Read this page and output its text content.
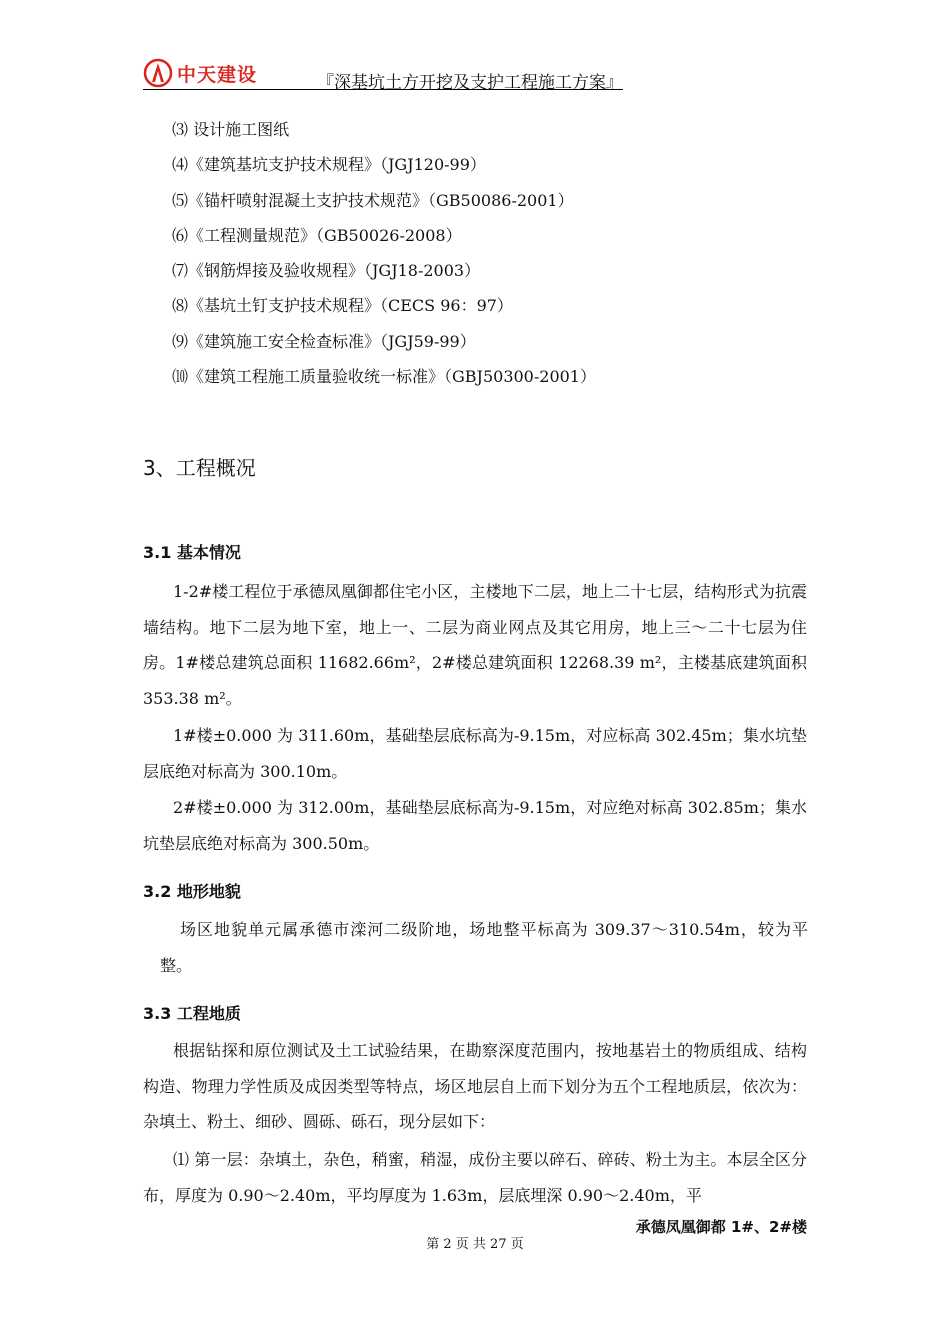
中天建设	『深基坑土方开挖及支护工程施工方案』
⑶ 设计施工图纸
⑷《建筑基坑支护技术规程》（JGJ120-99）
⑸《锚杆喷射混凝土支护技术规范》（GB50086-2001）
⑹《工程测量规范》（GB50026-2008）
⑺《钢筋焊接及验收规程》（JGJ18-2003）
⑻《基坑土钉支护技术规程》（CECS 96：97）
⑼《建筑施工安全检查标准》（JGJ59-99）
⑽《建筑工程施工质量验收统一标准》（GBJ50300-2001）
3、工程概况
3.1 基本情况

1-2#楼工程位于承德凤凰御都住宅小区，主楼地下二层，地上二十七层，结构形式为抗震墙结构。地下二层为地下室，地上一、二层为商业网点及其它用房，地上三～二十七层为住房。1#楼总建筑总面积 11682.66m²，2#楼总建筑面积 12268.39 m²，主楼基底建筑面积 353.38 m²。

1#楼±0.000 为 311.60m，基础垫层底标高为-9.15m，对应标高 302.45m；集水坑垫层底绝对标高为 300.10m。

2#楼±0.000 为 312.00m，基础垫层底标高为-9.15m，对应绝对标高 302.85m；集水坑垫层底绝对标高为 300.50m。

3.2 地形地貌

场区地貌单元属承德市滦河二级阶地，场地整平标高为 309.37～310.54m，较为平整。

3.3 工程地质

根据钻探和原位测试及土工试验结果，在勘察深度范围内，按地基岩土的物质组成、结构构造、物理力学性质及成因类型等特点，场区地层自上而下划分为五个工程地质层，依次为：杂填土、粉土、细砂、圆砾、砾石，现分层如下：

⑴ 第一层：杂填土，杂色，稍蜜，稍湿，成份主要以碎石、碎砖、粉土为主。本层全区分布，厚度为 0.90～2.40m，平均厚度为 1.63m，层底埋深 0.90～2.40m，平

承德凤凰御都 1#、2#楼
第 2 页 共 27 页
